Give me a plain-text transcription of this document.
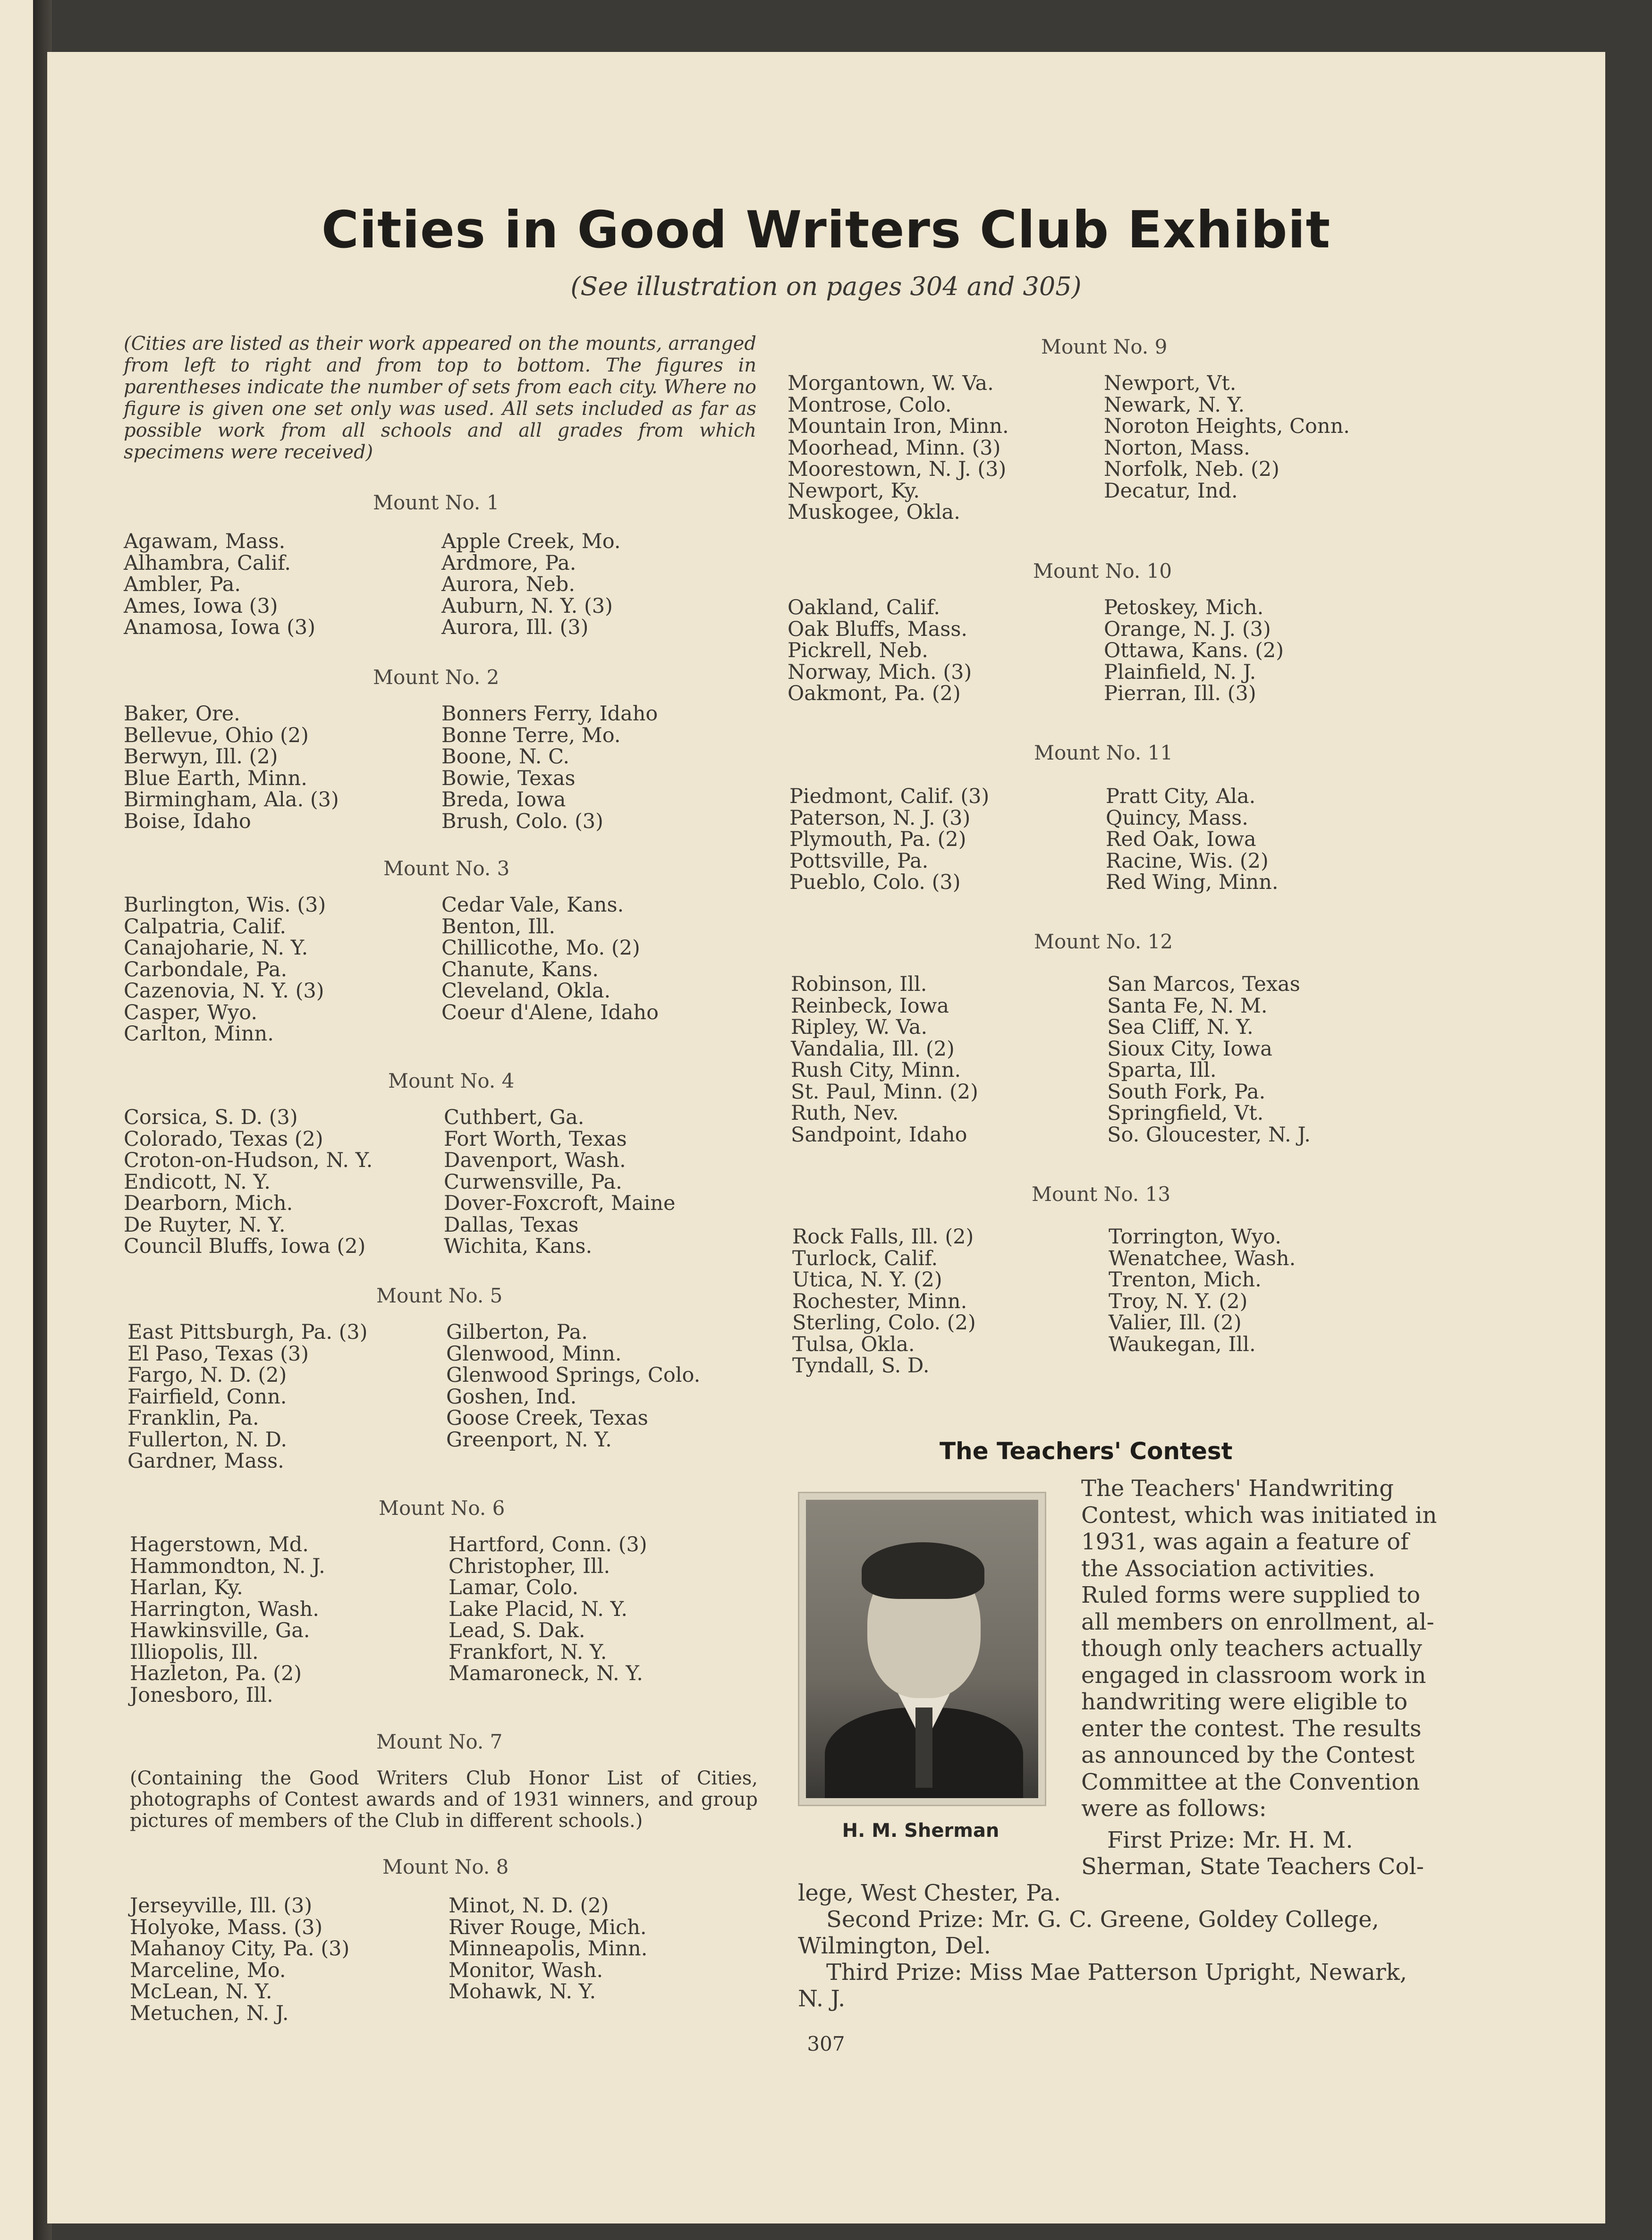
Cities in Good Writers Club Exhibit
(See illustration on pages 304 and 305)
(Cities are listed as their work appeared on the mounts, arranged from left to right and from top to bottom. The figures in parentheses indicate the number of sets from each city. Where no figure is given one set only was used. All sets included as far as possible work from all schools and all grades from which specimens were received)
Mount No. 1
Agawam, Mass.
Alhambra, Calif.
Ambler, Pa.
Ames, Iowa (3)
Anamosa, Iowa (3)
Apple Creek, Mo.
Ardmore, Pa.
Aurora, Neb.
Auburn, N. Y. (3)
Aurora, Ill. (3)
Mount No. 2
Baker, Ore.
Bellevue, Ohio (2)
Berwyn, Ill. (2)
Blue Earth, Minn.
Birmingham, Ala. (3)
Boise, Idaho
Bonners Ferry, Idaho
Bonne Terre, Mo.
Boone, N. C.
Bowie, Texas
Breda, Iowa
Brush, Colo. (3)
Mount No. 3
Burlington, Wis. (3)
Calpatria, Calif.
Canajoharie, N. Y.
Carbondale, Pa.
Cazenovia, N. Y. (3)
Casper, Wyo.
Carlton, Minn.
Cedar Vale, Kans.
Benton, Ill.
Chillicothe, Mo. (2)
Chanute, Kans.
Cleveland, Okla.
Coeur d'Alene, Idaho
Mount No. 4
Corsica, S. D. (3)
Colorado, Texas (2)
Croton-on-Hudson, N. Y.
Endicott, N. Y.
Dearborn, Mich.
De Ruyter, N. Y.
Council Bluffs, Iowa (2)
Cuthbert, Ga.
Fort Worth, Texas
Davenport, Wash.
Curwensville, Pa.
Dover-Foxcroft, Maine
Dallas, Texas
Wichita, Kans.
Mount No. 5
East Pittsburgh, Pa. (3)
El Paso, Texas (3)
Fargo, N. D. (2)
Fairfield, Conn.
Franklin, Pa.
Fullerton, N. D.
Gardner, Mass.
Gilberton, Pa.
Glenwood, Minn.
Glenwood Springs, Colo.
Goshen, Ind.
Goose Creek, Texas
Greenport, N. Y.
Mount No. 6
Hagerstown, Md.
Hammondton, N. J.
Harlan, Ky.
Harrington, Wash.
Hawkinsville, Ga.
Illiopolis, Ill.
Hazleton, Pa. (2)
Jonesboro, Ill.
Hartford, Conn. (3)
Christopher, Ill.
Lamar, Colo.
Lake Placid, N. Y.
Lead, S. Dak.
Frankfort, N. Y.
Mamaroneck, N. Y.
Mount No. 7
(Containing the Good Writers Club Honor List of Cities, photographs of Contest awards and of 1931 winners, and group pictures of members of the Club in different schools.)
Mount No. 8
Jerseyville, Ill. (3)
Holyoke, Mass. (3)
Mahanoy City, Pa. (3)
Marceline, Mo.
McLean, N. Y.
Metuchen, N. J.
Minot, N. D. (2)
River Rouge, Mich.
Minneapolis, Minn.
Monitor, Wash.
Mohawk, N. Y.
Mount No. 9
Morgantown, W. Va.
Montrose, Colo.
Mountain Iron, Minn.
Moorhead, Minn. (3)
Moorestown, N. J. (3)
Newport, Ky.
Muskogee, Okla.
Newport, Vt.
Newark, N. Y.
Noroton Heights, Conn.
Norton, Mass.
Norfolk, Neb. (2)
Decatur, Ind.
Mount No. 10
Oakland, Calif.
Oak Bluffs, Mass.
Pickrell, Neb.
Norway, Mich. (3)
Oakmont, Pa. (2)
Petoskey, Mich.
Orange, N. J. (3)
Ottawa, Kans. (2)
Plainfield, N. J.
Pierran, Ill. (3)
Mount No. 11
Piedmont, Calif. (3)
Paterson, N. J. (3)
Plymouth, Pa. (2)
Pottsville, Pa.
Pueblo, Colo. (3)
Pratt City, Ala.
Quincy, Mass.
Red Oak, Iowa
Racine, Wis. (2)
Red Wing, Minn.
Mount No. 12
Robinson, Ill.
Reinbeck, Iowa
Ripley, W. Va.
Vandalia, Ill. (2)
Rush City, Minn.
St. Paul, Minn. (2)
Ruth, Nev.
Sandpoint, Idaho
San Marcos, Texas
Santa Fe, N. M.
Sea Cliff, N. Y.
Sioux City, Iowa
Sparta, Ill.
South Fork, Pa.
Springfield, Vt.
So. Gloucester, N. J.
Mount No. 13
Rock Falls, Ill. (2)
Turlock, Calif.
Utica, N. Y. (2)
Rochester, Minn.
Sterling, Colo. (2)
Tulsa, Okla.
Tyndall, S. D.
Torrington, Wyo.
Wenatchee, Wash.
Trenton, Mich.
Troy, N. Y. (2)
Valier, Ill. (2)
Waukegan, Ill.
The Teachers' Contest
H. M. Sherman
The Teachers' Handwriting
Contest, which was initiated in
1931, was again a feature of
the Association activities.
Ruled forms were supplied to
all members on enrollment, al-
though only teachers actually
engaged in classroom work in
handwriting were eligible to
enter the contest. The results
as announced by the Contest
Committee at the Convention
were as follows:
First Prize: Mr. H. M.
Sherman, State Teachers Col-
lege, West Chester, Pa.
Second Prize: Mr. G. C. Greene, Goldey College,
Wilmington, Del.
Third Prize: Miss Mae Patterson Upright, Newark,
N. J.
307
